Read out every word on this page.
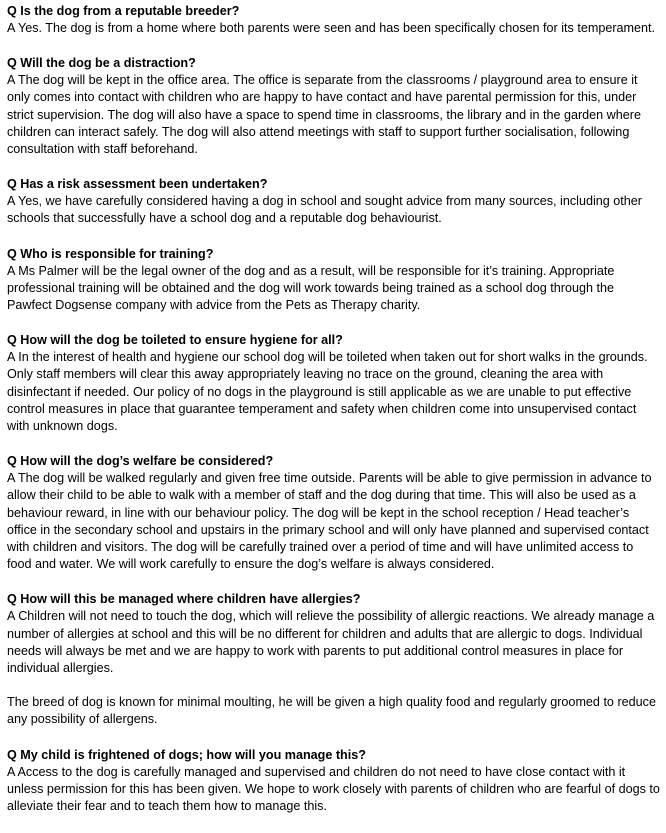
Q Is the dog from a reputable breeder?

A Yes. The dog is from a home where both parents were seen and has been specifically chosen for its temperament.

Q Will the dog be a distraction?

A The dog will be kept in the office area. The office is separate from the classrooms / playground area to ensure it only comes into contact with children who are happy to have contact and have parental permission for this, under strict supervision. The dog will also have a space to spend time in classrooms, the library and in the garden where children can interact safely. The dog will also attend meetings with staff to support further socialisation, following consultation with staff beforehand.

Q Has a risk assessment been undertaken?

A Yes, we have carefully considered having a dog in school and sought advice from many sources, including other schools that successfully have a school dog and a reputable dog behaviourist.

Q Who is responsible for training?

A Ms Palmer will be the legal owner of the dog and as a result, will be responsible for it’s training. Appropriate professional training will be obtained and the dog will work towards being trained as a school dog through the Pawfect Dogsense company with advice from the Pets as Therapy charity.

Q How will the dog be toileted to ensure hygiene for all?

A In the interest of health and hygiene our school dog will be toileted when taken out for short walks in the grounds. Only staff members will clear this away appropriately leaving no trace on the ground, cleaning the area with disinfectant if needed. Our policy of no dogs in the playground is still applicable as we are unable to put effective control measures in place that guarantee temperament and safety when children come into unsupervised contact with unknown dogs.

Q How will the dog’s welfare be considered?

A The dog will be walked regularly and given free time outside. Parents will be able to give permission in advance to allow their child to be able to walk with a member of staff and the dog during that time. This will also be used as a behaviour reward, in line with our behaviour policy. The dog will be kept in the school reception / Head teacher’s office in the secondary school and upstairs in the primary school and will only have planned and supervised contact with children and visitors. The dog will be carefully trained over a period of time and will have unlimited access to food and water. We will work carefully to ensure the dog’s welfare is always considered.

Q How will this be managed where children have allergies?

A Children will not need to touch the dog, which will relieve the possibility of allergic reactions. We already manage a number of allergies at school and this will be no different for children and adults that are allergic to dogs. Individual needs will always be met and we are happy to work with parents to put additional control measures in place for individual allergies.

The breed of dog is known for minimal moulting, he will be given a high quality food and regularly groomed to reduce any possibility of allergens.

Q My child is frightened of dogs; how will you manage this?

A Access to the dog is carefully managed and supervised and children do not need to have close contact with it unless permission for this has been given. We hope to work closely with parents of children who are fearful of dogs to alleviate their fear and to teach them how to manage this.
